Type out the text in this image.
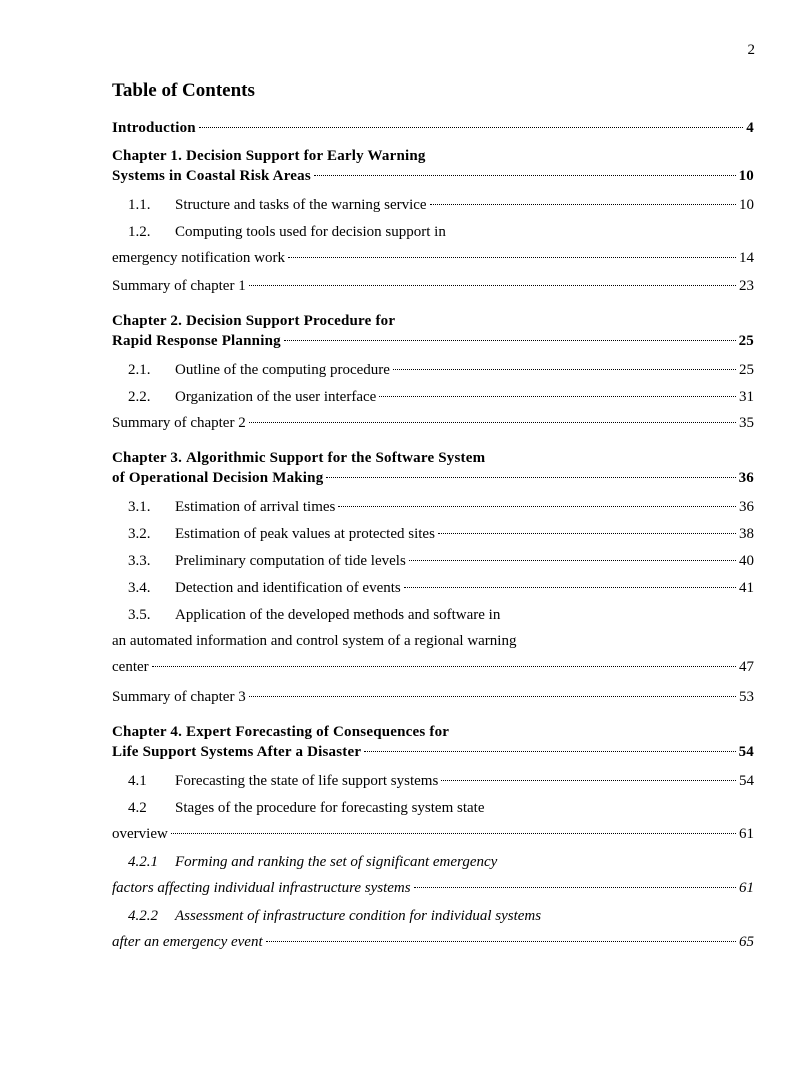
2
Table of Contents
Introduction	4
Chapter 1.
Decision Support for Early Warning
Systems in Coastal Risk Areas	10
1.1.	Structure and tasks of the warning service	10
1.2.	Computing tools used for decision support in
emergency notification work	14
Summary of chapter 1	23
Chapter 2.
Decision Support Procedure for
Rapid Response Planning	25
2.1.	Outline of the computing procedure	25
2.2.	Organization of the user interface	31
Summary of chapter 2	35
Chapter 3.
Algorithmic Support for the Software System
of Operational Decision Making	36
3.1.	Estimation of arrival times	36
3.2.	Estimation of peak values at protected sites	38
3.3.	Preliminary computation of tide levels	40
3.4.	Detection and identification of events	41
3.5.	Application of the developed methods and software in
an automated information and control system of a regional warning
center	47
Summary of chapter 3	53
Chapter 4.
Expert Forecasting of Consequences for
Life Support Systems After a Disaster	54
4.1	Forecasting the state of life support systems	54
4.2	Stages of the procedure for forecasting system state
overview	61
4.2.1	Forming and ranking the set of significant emergency
factors affecting individual infrastructure systems	61
4.2.2	Assessment of infrastructure condition for individual systems
after an emergency event	65
